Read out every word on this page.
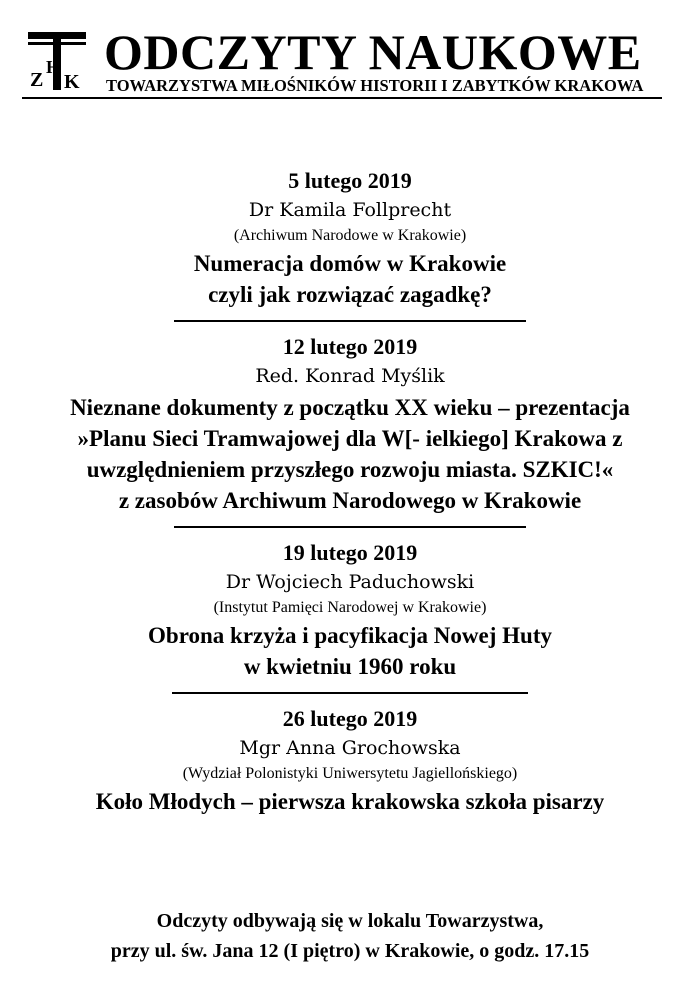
Z
H
K
ODCZYTY NAUKOWE
TOWARZYSTWA MIŁOŚNIKÓW HISTORII I ZABYTKÓW KRAKOWA
5 lutego 2019
Dr Kamila Follprecht
(Archiwum Narodowe w Krakowie)
Numeracja domów w Krakowie
czyli jak rozwiązać zagadkę?
12 lutego 2019
Red. Konrad Myślik
Nieznane dokumenty z początku XX wieku – prezentacja
»Planu Sieci Tramwajowej dla W[- ielkiego] Krakowa z
uwzględnieniem przyszłego rozwoju miasta. SZKIC!«
z zasobów Archiwum Narodowego w Krakowie
19 lutego 2019
Dr Wojciech Paduchowski
(Instytut Pamięci Narodowej w Krakowie)
Obrona krzyża i pacyfikacja Nowej Huty
w kwietniu 1960 roku
26 lutego 2019
Mgr Anna Grochowska
(Wydział Polonistyki Uniwersytetu Jagiellońskiego)
Koło Młodych – pierwsza krakowska szkoła pisarzy
Odczyty odbywają się w lokalu Towarzystwa,
przy ul. św. Jana 12 (I piętro) w Krakowie, o godz. 17.15
